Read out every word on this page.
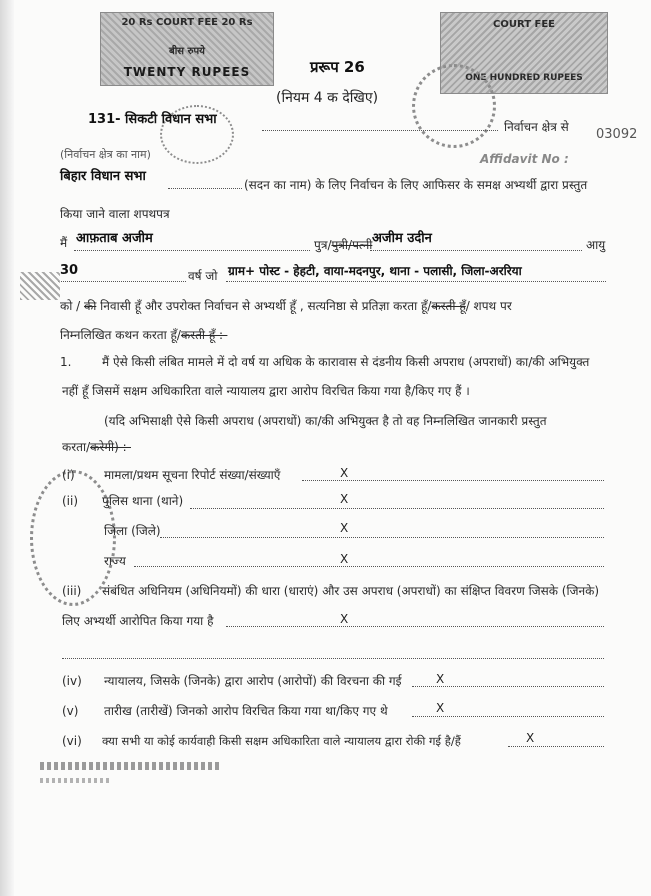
20 Rs COURT FEE 20 Rs
बीस रुपये
TWENTY RUPEES
COURT FEE
ONE HUNDRED RUPEES
प्ररूप 26
(नियम 4 क देखिए)
03092
Affidavit No :
131- सिकटी विधान सभा	निर्वाचन क्षेत्र से
(निर्वाचन क्षेत्र का नाम)
बिहार विधान सभा
(सदन का नाम) के लिए निर्वाचन के लिए आफिसर के समक्ष अभ्यर्थी द्वारा प्रस्तुत
किया जाने वाला शपथपत्र
मैं आफ़ताब अजीम	पुत्र/पुत्री/पत्नी अजीम उदीन	आयु
30	वर्ष जो ग्राम+ पोस्ट - हेहटी, वाया-मदनपुर, थाना - पलासी, जिला-अररिया
को / की निवासी हूँ और उपरोक्त निर्वाचन से अभ्यर्थी हूँ , सत्यनिष्ठा से प्रतिज्ञा करता हूँ/करती हूँ/ शपथ पर
निम्नलिखित कथन करता हूँ/करती हूँ :-
1.	मैं ऐसे किसी लंबित मामले में दो वर्ष या अधिक के कारावास से दंडनीय किसी अपराध (अपराधों) का/की अभियुक्त
नहीं हूँ जिसमें सक्षम अधिकारिता वाले न्यायालय द्वारा आरोप विरचित किया गया है/किए गए हैं ।
(यदि अभिसाक्षी ऐसे किसी अपराध (अपराधों) का/की अभियुक्त है तो वह निम्नलिखित जानकारी प्रस्तुत
करता/करेगी) :-
(i) मामला/प्रथम सूचना रिपोर्ट संख्या/संख्याएँ	X
(ii) पुलिस थाना (थाने)	X
जिला (जिले)	X
राज्य	X
(iii) संबंधित अधिनियम (अधिनियमों) की धारा (धाराएं) और उस अपराध (अपराधों) का संक्षिप्त विवरण जिसके (जिनके)
लिए अभ्यर्थी आरोपित किया गया है	X
(iv) न्यायालय, जिसके (जिनके) द्वारा आरोप (आरोपों) की विरचना की गई	X
(v) तारीख (तारीखें) जिनको आरोप विरचित किया गया था/किए गए थे	X
(vi) क्या सभी या कोई कार्यवाही किसी सक्षम अधिकारिता वाले न्यायालय द्वारा रोकी गई है/हैं	X
